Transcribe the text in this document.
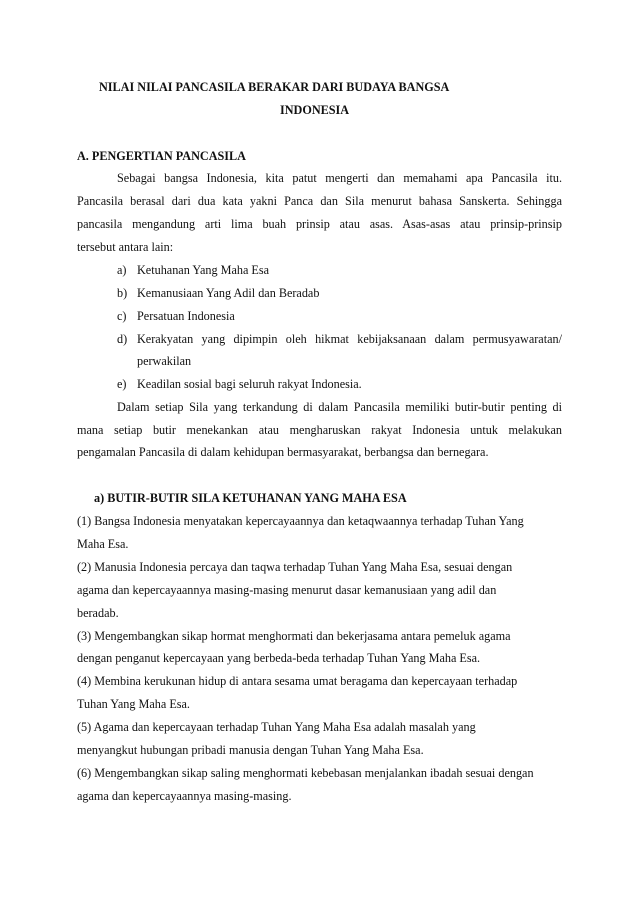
NILAI NILAI PANCASILA BERAKAR DARI BUDAYA BANGSA
INDONESIA
A. PENGERTIAN PANCASILA
Sebagai bangsa Indonesia, kita patut mengerti dan memahami apa Pancasila itu.
Pancasila berasal dari dua kata yakni Panca dan Sila menurut bahasa Sanskerta. Sehingga
pancasila mengandung arti lima buah prinsip atau asas. Asas-asas atau prinsip-prinsip
tersebut antara lain:
a) Ketuhanan Yang Maha Esa
b) Kemanusiaan Yang Adil dan Beradab
c) Persatuan Indonesia
d) Kerakyatan yang dipimpin oleh hikmat kebijaksanaan dalam permusyawaratan/
perwakilan
e) Keadilan sosial bagi seluruh rakyat Indonesia.
Dalam setiap Sila yang terkandung di dalam Pancasila memiliki butir-butir penting di
mana setiap butir menekankan atau mengharuskan rakyat Indonesia untuk melakukan
pengamalan Pancasila di dalam kehidupan bermasyarakat, berbangsa dan bernegara.
a) BUTIR-BUTIR SILA KETUHANAN YANG MAHA ESA
(1) Bangsa Indonesia menyatakan kepercayaannya dan ketaqwaannya terhadap Tuhan Yang
Maha Esa.
(2) Manusia Indonesia percaya dan taqwa terhadap Tuhan Yang Maha Esa, sesuai dengan
agama dan kepercayaannya masing-masing menurut dasar kemanusiaan yang adil dan
beradab.
(3) Mengembangkan sikap hormat menghormati dan bekerjasama antara pemeluk agama
dengan penganut kepercayaan yang berbeda-beda terhadap Tuhan Yang Maha Esa.
(4) Membina kerukunan hidup di antara sesama umat beragama dan kepercayaan terhadap
Tuhan Yang Maha Esa.
(5) Agama dan kepercayaan terhadap Tuhan Yang Maha Esa adalah masalah yang
menyangkut hubungan pribadi manusia dengan Tuhan Yang Maha Esa.
(6) Mengembangkan sikap saling menghormati kebebasan menjalankan ibadah sesuai dengan
agama dan kepercayaannya masing-masing.
